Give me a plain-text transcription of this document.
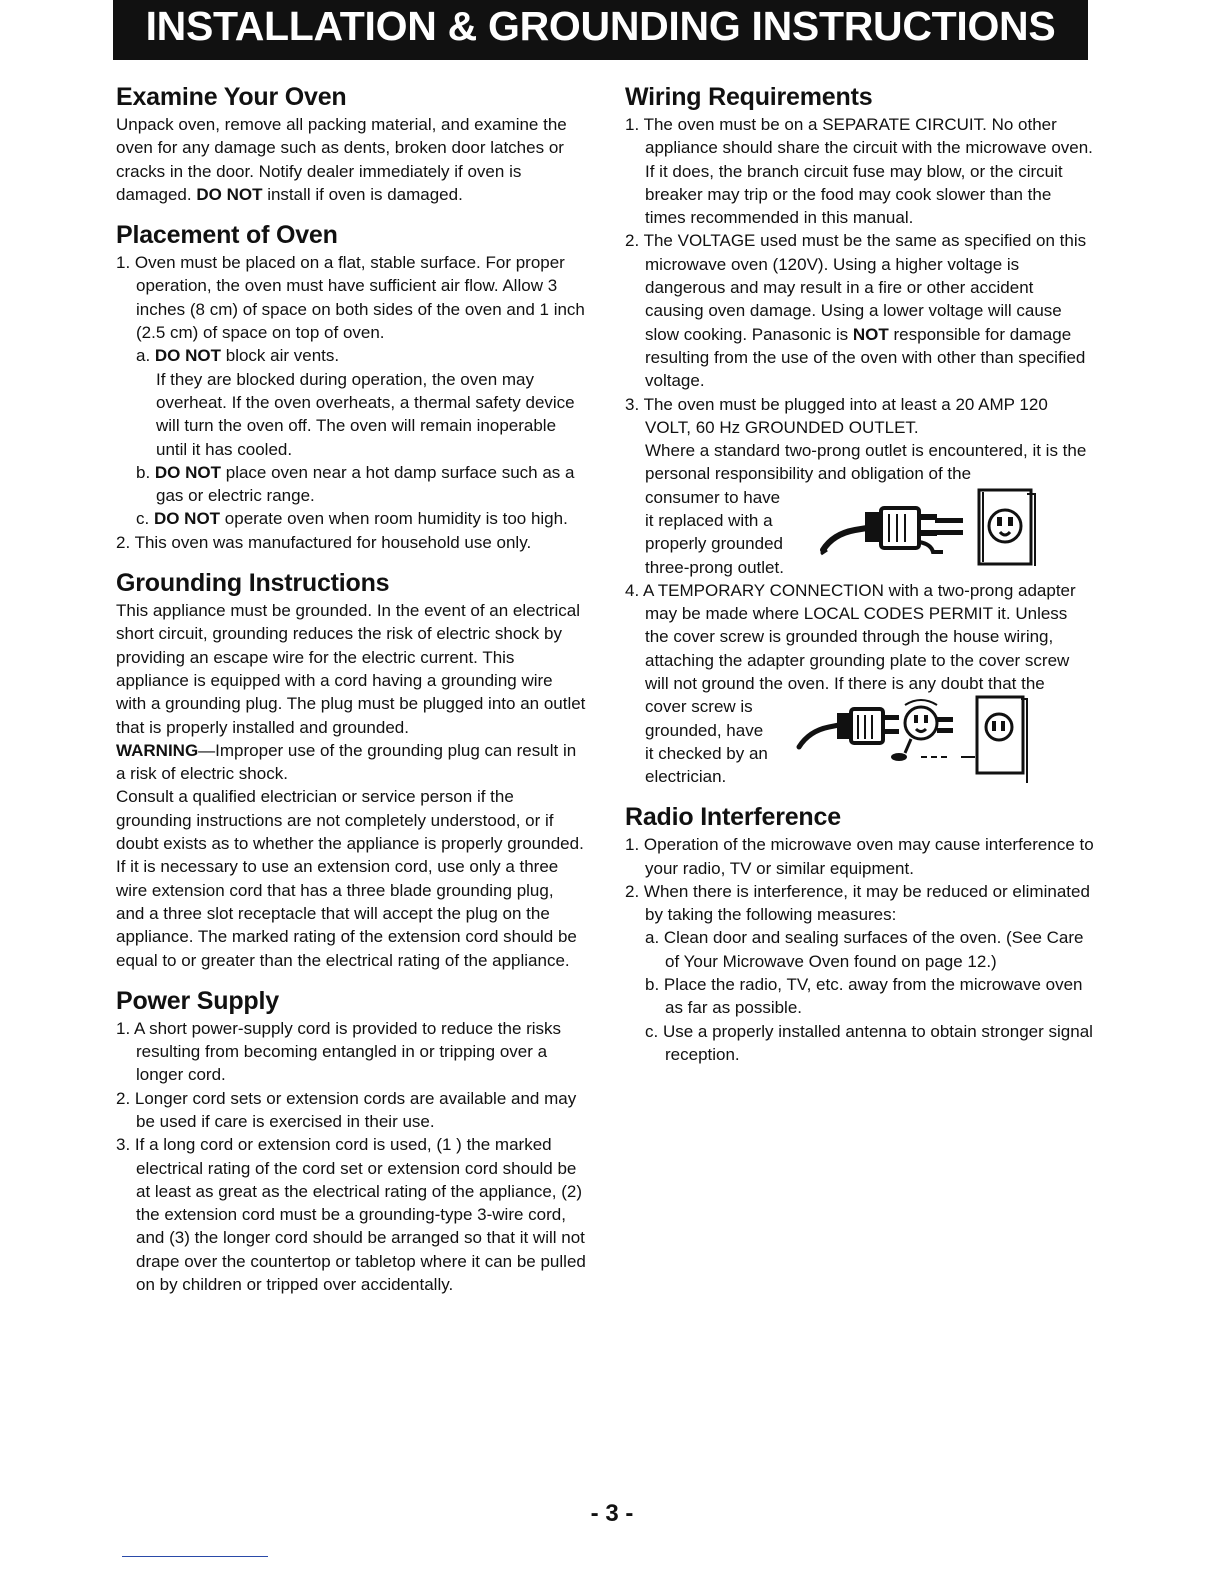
INSTALLATION & GROUNDING INSTRUCTIONS
Examine Your Oven

Unpack oven, remove all packing material, and examine the oven for any damage such as dents, broken door latches or cracks in the door. Notify dealer immediately if oven is damaged. DO NOT install if oven is damaged.

Placement of Oven
1. Oven must be placed on a flat, stable surface. For proper operation, the oven must have sufficient air flow. Allow 3 inches (8 cm) of space on both sides of the oven and 1 inch (2.5 cm) of space on top of oven.
a. DO NOT block air vents.
If they are blocked during operation, the oven may overheat. If the oven overheats, a thermal safety device will turn the oven off. The oven will remain inoperable until it has cooled.
b. DO NOT place oven near a hot damp surface such as a gas or electric range.
c. DO NOT operate oven when room humidity is too high.
2. This oven was manufactured for household use only.
Grounding Instructions

This appliance must be grounded. In the event of an electrical short circuit, grounding reduces the risk of electric shock by providing an escape wire for the electric current. This appliance is equipped with a cord having a grounding wire with a grounding plug. The plug must be plugged into an outlet that is properly installed and grounded.

WARNING—Improper use of the grounding plug can result in a risk of electric shock.

Consult a qualified electrician or service person if the grounding instructions are not completely understood, or if doubt exists as to whether the appliance is properly grounded.

If it is necessary to use an extension cord, use only a three wire extension cord that has a three blade grounding plug, and a three slot receptacle that will accept the plug on the appliance. The marked rating of the extension cord should be equal to or greater than the electrical rating of the appliance.

Power Supply
1. A short power-supply cord is provided to reduce the risks resulting from becoming entangled in or tripping over a longer cord.
2. Longer cord sets or extension cords are available and may be used if care is exercised in their use.
3. If a long cord or extension cord is used, (1 ) the marked electrical rating of the cord set or extension cord should be at least as great as the electrical rating of the appliance, (2) the extension cord must be a grounding-type 3-wire cord, and (3) the longer cord should be arranged so that it will not drape over the countertop or tabletop where it can be pulled on by children or tripped over accidentally.
Wiring Requirements
1. The oven must be on a SEPARATE CIRCUIT. No other appliance should share the circuit with the microwave oven. If it does, the branch circuit fuse may blow, or the circuit breaker may trip or the food may cook slower than the times recommended in this manual.
2. The VOLTAGE used must be the same as specified on this microwave oven (120V). Using a higher voltage is dangerous and may result in a fire or other accident causing oven damage. Using a lower voltage will cause slow cooking. Panasonic is NOT responsible for damage resulting from the use of the oven with other than specified voltage.
3. The oven must be plugged into at least a 20 AMP 120 VOLT, 60 Hz GROUNDED OUTLET.
Where a standard two-prong outlet is encountered, it is the personal responsibility and obligation of the
consumer to have
it replaced with a
properly grounded
three-prong outlet.
4. A TEMPORARY CONNECTION with a two-prong adapter may be made where LOCAL CODES PERMIT it. Unless the cover screw is grounded through the house wiring, attaching the adapter grounding plate to the cover screw will not ground the oven. If there is any doubt that the
cover screw is
grounded, have
it checked by an
electrician.
Radio Interference
1. Operation of the microwave oven may cause interference to your radio, TV or similar equipment.
2. When there is interference, it may be reduced or eliminated by taking the following measures:
a. Clean door and sealing surfaces of the oven. (See Care of Your Microwave Oven found on page 12.)
b. Place the radio, TV, etc. away from the microwave oven as far as possible.
c. Use a properly installed antenna to obtain stronger signal reception.
- 3 -
